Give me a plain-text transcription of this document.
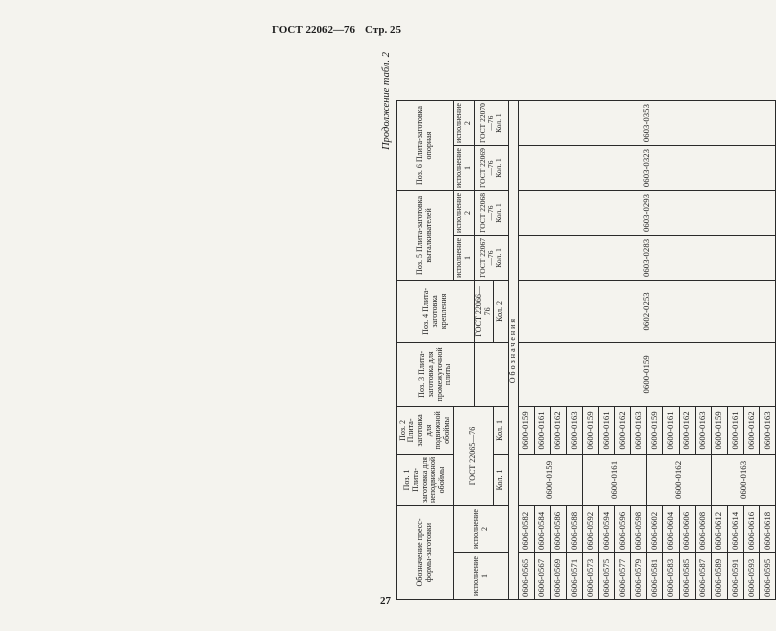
ГОСТ 22062—76 Стр. 25
Продолжение табл. 2
Обозначение пресс-формы-заготовки		Поз. 1 Плита-заготовка для неподвижной обоймы	Поз. 2 Плита-заготовка для подвижной обоймы	Поз. 3 Плита-заготовка для промежуточной плиты	Поз. 4 Плита-заготовка крепления	Поз. 5 Плита-заготовка выталкивателей		Поз. 6 Плита-заготовка опорная	
исполнение 1	исполнение 2	ГОСТ 22065—76				исполнение 1	исполнение 2	исполнение 1	исполнение 2
					ГОСТ 22066—76	ГОСТ 22067—76
Кол. 1	ГОСТ 22068—76
Кол. 1	ГОСТ 22069—76
Кол. 1	ГОСТ 22070—76
Кол. 1
		Кол. 1	Кол. 1		Кол. 2				
Обозначения									
0606-0565	0606-0582	0600-0159	0600-0159	0600-0159	0602-0253	0603-0283	0603-0293	0603-0323	0603-0353
0606-0567	0606-0584		0600-0161						
0606-0569	0606-0586		0600-0162						
0606-0571	0606-0588		0600-0163						
0606-0573	0606-0592	0600-0161	0600-0159						
0606-0575	0606-0594		0600-0161						
0606-0577	0606-0596		0600-0162						
0606-0579	0606-0598		0600-0163						
0606-0581	0606-0602	0600-0162	0600-0159						
0606-0583	0606-0604		0600-0161						
0606-0585	0606-0606		0600-0162						
0606-0587	0606-0608		0600-0163						
0606-0589	0606-0612	0600-0163	0600-0159						
0606-0591	0606-0614		0600-0161						
0606-0593	0606-0616		0600-0162						
0606-0595	0606-0618		0600-0163						
27
